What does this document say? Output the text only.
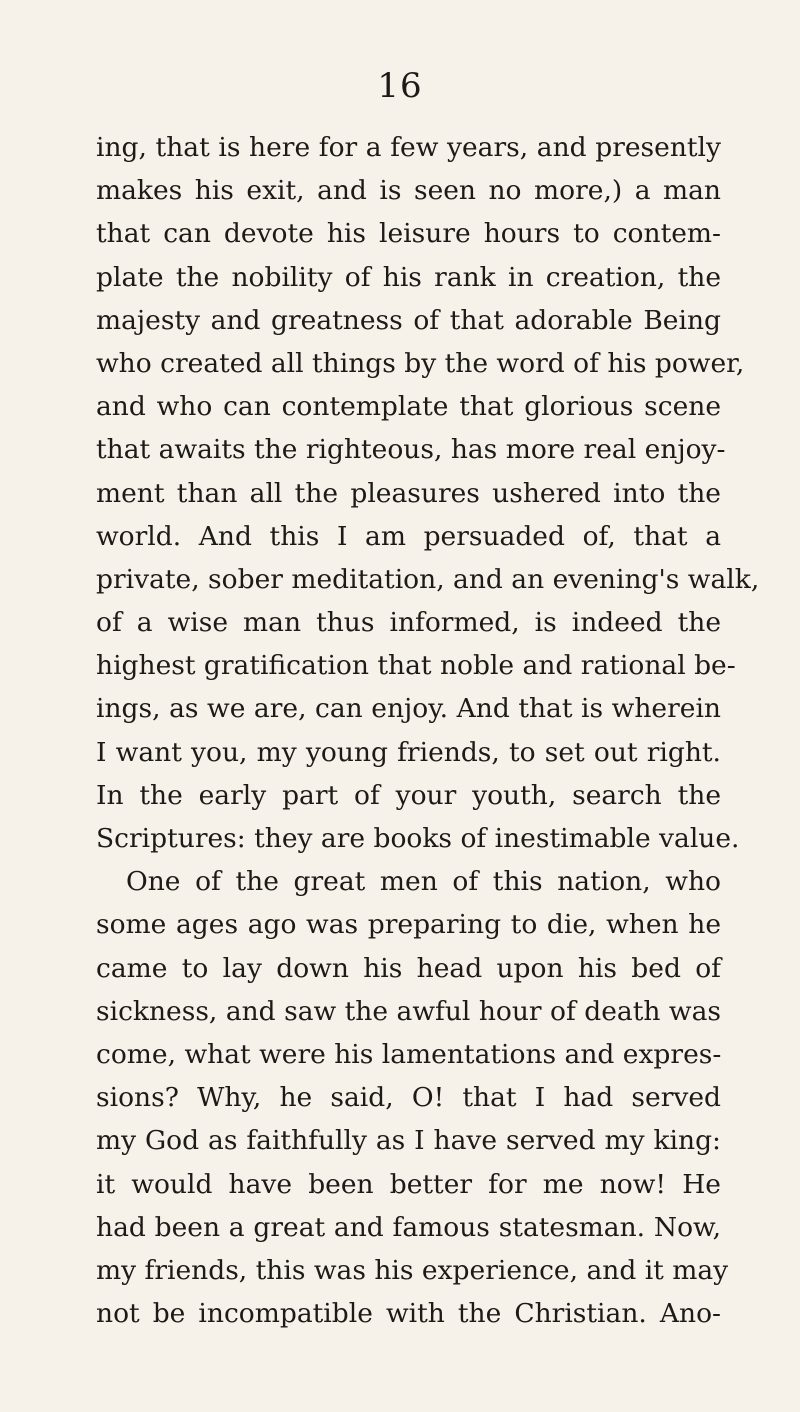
16
ing, that is here for a few years, and presently
makes his exit, and is seen no more,) a man
that can devote his leisure hours to contem-
plate the nobility of his rank in creation, the
majesty and greatness of that adorable Being
who created all things by the word of his power,
and who can contemplate that glorious scene
that awaits the righteous, has more real enjoy-
ment than all the pleasures ushered into the
world. And this I am persuaded of, that a
private, sober meditation, and an evening's walk,
of a wise man thus informed, is indeed the
highest gratification that noble and rational be-
ings, as we are, can enjoy. And that is wherein
I want you, my young friends, to set out right.
In the early part of your youth, search the
Scriptures: they are books of inestimable value.
One of the great men of this nation, who
some ages ago was preparing to die, when he
came to lay down his head upon his bed of
sickness, and saw the awful hour of death was
come, what were his lamentations and expres-
sions? Why, he said, O! that I had served
my God as faithfully as I have served my king:
it would have been better for me now! He
had been a great and famous statesman. Now,
my friends, this was his experience, and it may
not be incompatible with the Christian. Ano-
